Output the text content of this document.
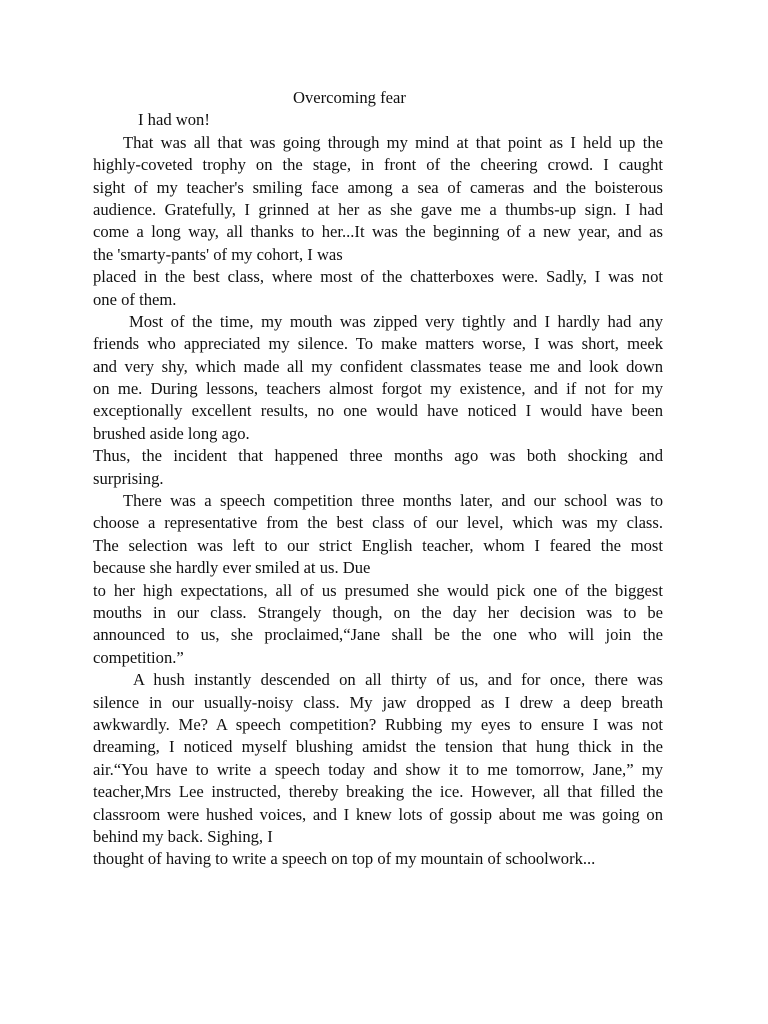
Overcoming fear
I had won!
That was all that was going through my mind at that point as I held up the
highly-coveted trophy on the stage, in front of the cheering crowd. I caught
sight of my teacher's smiling face among a sea of cameras and the boisterous
audience. Gratefully, I grinned at her as she gave me a thumbs-up sign. I had
come a long way, all thanks to her...It was the beginning of a new year, and as
the 'smarty-pants' of my cohort, I was
placed in the best class, where most of the chatterboxes were. Sadly, I was not
one of them.
Most of the time, my mouth was zipped very tightly and I hardly had any
friends who appreciated my silence. To make matters worse, I was short, meek
and very shy, which made all my confident classmates tease me and look down
on me. During lessons, teachers almost forgot my existence, and if not for my
exceptionally excellent results, no one would have noticed I would have been
brushed aside long ago.
Thus, the incident that happened three months ago was both shocking and
surprising.
There was a speech competition three months later, and our school was to
choose a representative from the best class of our level, which was my class.
The selection was left to our strict English teacher, whom I feared the most
because she hardly ever smiled at us. Due
to her high expectations, all of us presumed she would pick one of the biggest
mouths in our class. Strangely though, on the day her decision was to be
announced to us, she proclaimed,“Jane shall be the one who will join the
competition.”
A hush instantly descended on all thirty of us, and for once, there was
silence in our usually-noisy class. My jaw dropped as I drew a deep breath
awkwardly. Me? A speech competition? Rubbing my eyes to ensure I was not
dreaming, I noticed myself blushing amidst the tension that hung thick in the
air.“You have to write a speech today and show it to me tomorrow, Jane,” my
teacher,Mrs Lee instructed, thereby breaking the ice. However, all that filled the
classroom were hushed voices, and I knew lots of gossip about me was going on
behind my back. Sighing, I
thought of having to write a speech on top of my mountain of schoolwork...
